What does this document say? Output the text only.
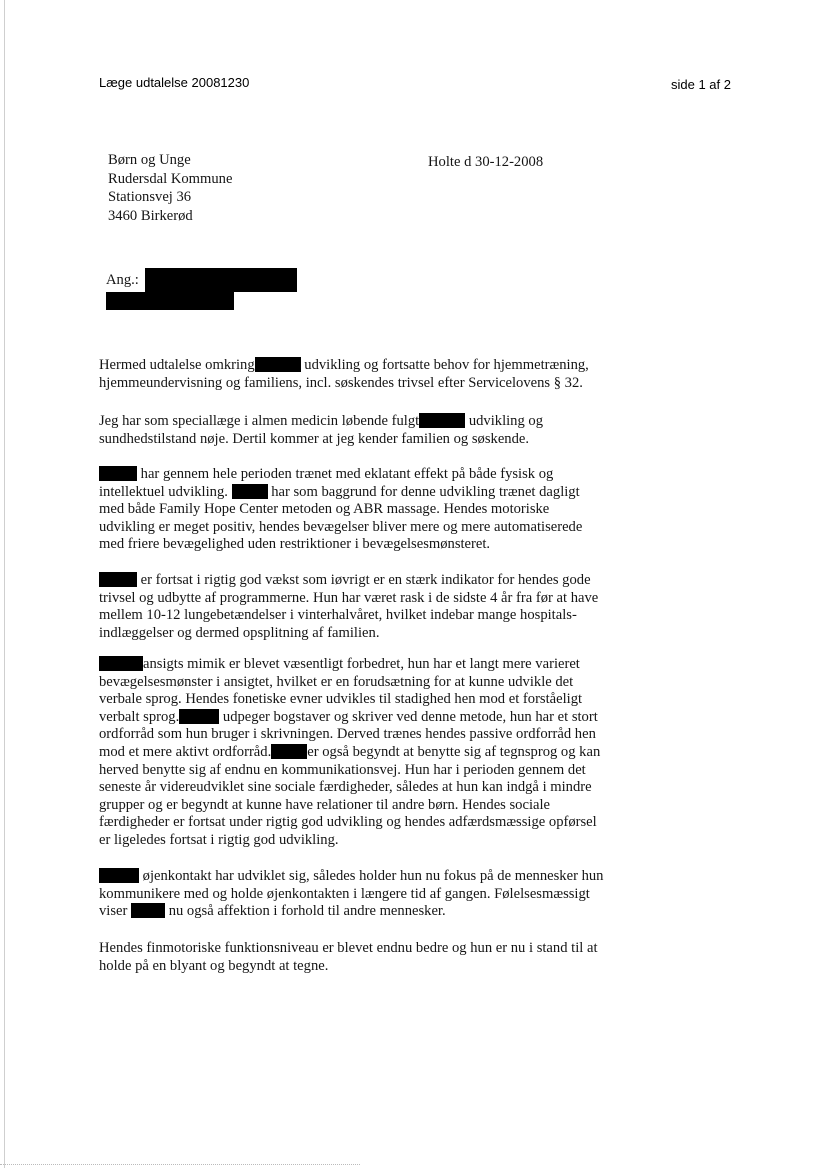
Læge udtalelse 20081230	side 1 af 2
Børn og Unge
Rudersdal Kommune
Stationsvej 36
3460 Birkerød
Holte d 30-12-2008
Ang.:
Hermed udtalelse omkring	udvikling og fortsatte behov for hjemmetræning,
hjemmeundervisning og familiens, incl. søskendes trivsel efter Servicelovens § 32.
Jeg har som speciallæge i almen medicin løbende fulgt	udvikling og
sundhedstilstand nøje. Dertil kommer at jeg kender familien og søskende.
har gennem hele perioden trænet med eklatant effekt på både fysisk og
intellektuel udvikling.	har som baggrund for denne udvikling trænet dagligt
med både Family Hope Center metoden og ABR massage. Hendes motoriske
udvikling er meget positiv, hendes bevægelser bliver mere og mere automatiserede
med friere bevægelighed uden restriktioner i bevægelsesmønsteret.
er fortsat i rigtig god vækst som iøvrigt er en stærk indikator for hendes gode
trivsel og udbytte af programmerne. Hun har været rask i de sidste 4 år fra før at have
mellem 10-12 lungebetændelser i vinterhalvåret, hvilket indebar mange hospitals-
indlæggelser og dermed opsplitning af familien.
ansigts mimik er blevet væsentligt forbedret, hun har et langt mere varieret
bevægelsesmønster i ansigtet, hvilket er en forudsætning for at kunne udvikle det
verbale sprog. Hendes fonetiske evner udvikles til stadighed hen mod et forståeligt
verbalt sprog.	udpeger bogstaver og skriver ved denne metode, hun har et stort
ordforråd som hun bruger i skrivningen. Derved trænes hendes passive ordforråd hen
mod et mere aktivt ordforråd. er også begyndt at benytte sig af tegnsprog og kan
herved benytte sig af endnu en kommunikationsvej. Hun har i perioden gennem det
seneste år videreudviklet sine sociale færdigheder, således at hun kan indgå i mindre
grupper og er begyndt at kunne have relationer til andre børn. Hendes sociale
færdigheder er fortsat under rigtig god udvikling og hendes adfærdsmæssige opførsel
er ligeledes fortsat i rigtig god udvikling.
øjenkontakt har udviklet sig, således holder hun nu fokus på de mennesker hun
kommunikere med og holde øjenkontakten i længere tid af gangen. Følelsesmæssigt
viser	nu også affektion i forhold til andre mennesker.
Hendes finmotoriske funktionsniveau er blevet endnu bedre og hun er nu i stand til at
holde på en blyant og begyndt at tegne.
